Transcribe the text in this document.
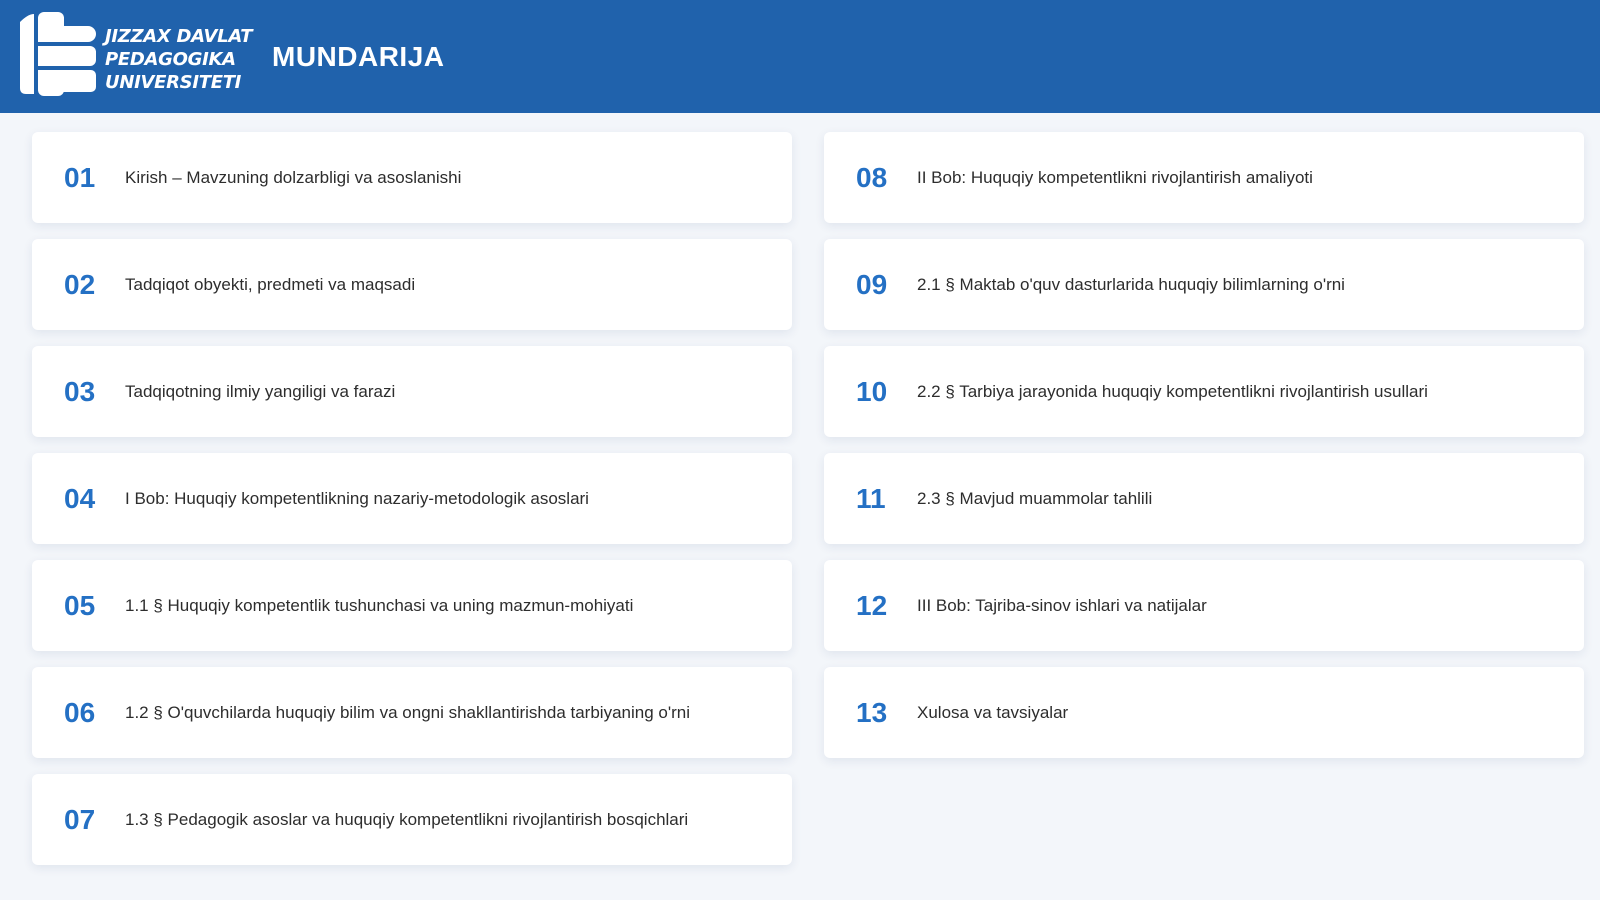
JIZZAX DAVLAT
PEDAGOGIKA
UNIVERSITETI
MUNDARIJA
01	Kirish – Mavzuning dolzarbligi va asoslanishi
02	Tadqiqot obyekti, predmeti va maqsadi
03	Tadqiqotning ilmiy yangiligi va farazi
04	I Bob: Huquqiy kompetentlikning nazariy-metodologik asoslari
05	1.1 § Huquqiy kompetentlik tushunchasi va uning mazmun-mohiyati
06	1.2 § O'quvchilarda huquqiy bilim va ongni shakllantirishda tarbiyaning o'rni
07	1.3 § Pedagogik asoslar va huquqiy kompetentlikni rivojlantirish bosqichlari
08	II Bob: Huquqiy kompetentlikni rivojlantirish amaliyoti
09	2.1 § Maktab o'quv dasturlarida huquqiy bilimlarning o'rni
10	2.2 § Tarbiya jarayonida huquqiy kompetentlikni rivojlantirish usullari
11	2.3 § Mavjud muammolar tahlili
12	III Bob: Tajriba-sinov ishlari va natijalar
13	Xulosa va tavsiyalar
